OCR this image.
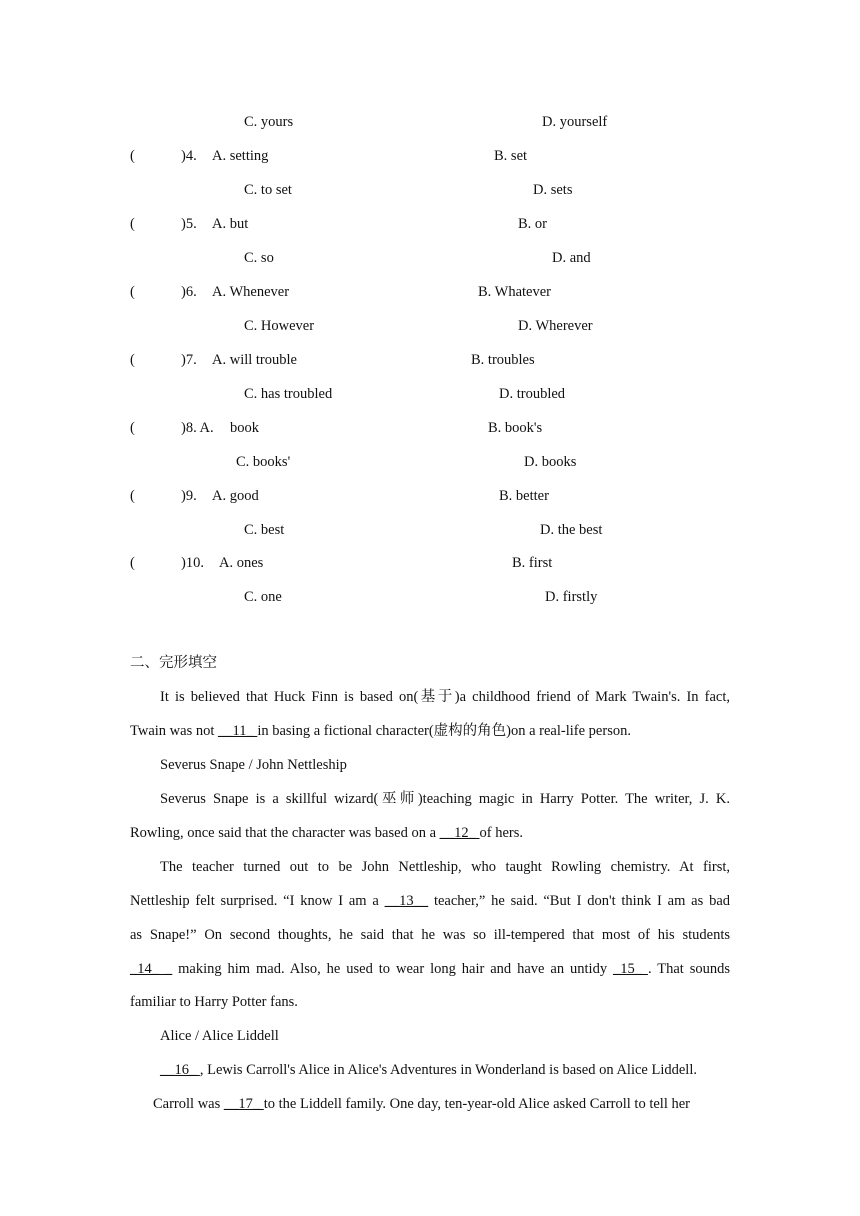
C. yours	D. yourself
(	)4. A. setting	B. set
C. to set	D. sets
(	)5. A. but	B. or
C. so	D. and
(	)6. A. Whenever	B. Whatever
C. However	D. Wherever
(	)7. A. will trouble	B. troubles
C. has troubled	D. troubled
(	)8. A. book	B. book's
C. books'	D. books
(	)9. A. good	B. better
C. best	D. the best
(	)10. A. ones	B. first
C. one	D. firstly
二、完形填空
It is believed that Huck Finn is based on(基于)a childhood friend of Mark Twain's. In fact,
Twain was not __11_ in basing a fictional character(虚构的角色)on a real-life person.
Severus Snape / John Nettleship
Severus Snape is a skillful wizard(巫师)teaching magic in Harry Potter. The writer, J. K.
Rowling, once said that the character was based on a __12_ of hers.
The teacher turned out to be John Nettleship, who taught Rowling chemistry. At first,
Nettleship felt surprised. “I know I am a __13__ teacher,” he said. “But I don't think I am as bad
as Snape!” On second thoughts, he said that he was so ill-tempered that most of his students
_14_ _ making him mad. Also, he used to wear long hair and have an untidy _15_ . That sounds
familiar to Harry Potter fans.
Alice / Alice Liddell
__16_ , Lewis Carroll's Alice in Alice's Adventures in Wonderland is based on Alice Liddell.
Carroll was __17_ to the Liddell family. One day, ten-year-old Alice asked Carroll to tell her
